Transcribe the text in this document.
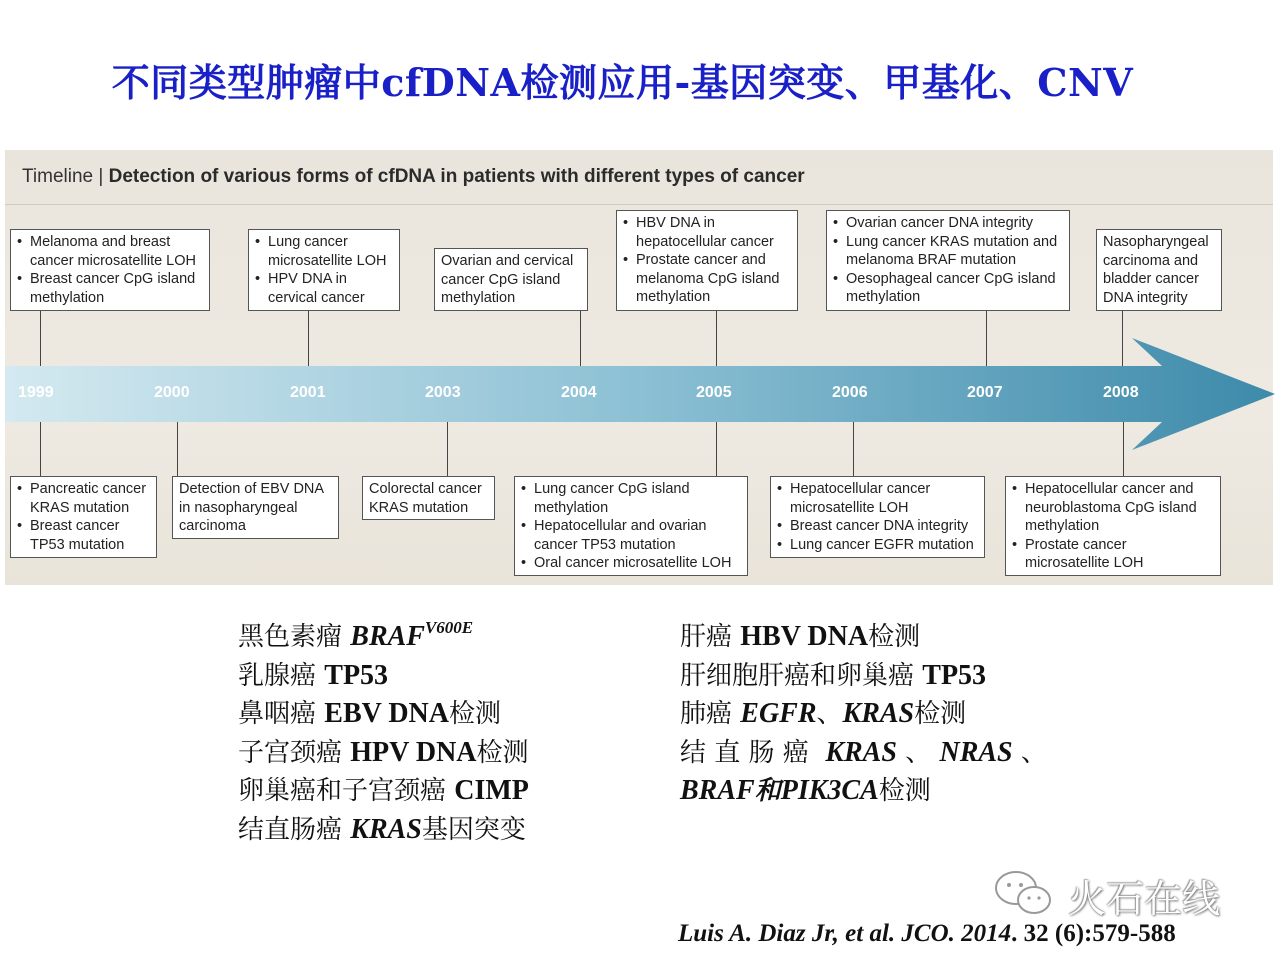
不同类型肿瘤中cfDNA检测应用-基因突变、甲基化、CNV
Timeline | Detection of various forms of cfDNA in patients with different types of cancer
1999	2000	2001	2003	2004	2005	2006	2007	2008
• Melanoma and breast cancer microsatellite LOH
• Breast cancer CpG island methylation
• Lung cancer microsatellite LOH
• HPV DNA in cervical cancer
Ovarian and cervical cancer CpG island methylation
• HBV DNA in hepatocellular cancer
• Prostate cancer and melanoma CpG island methylation
• Ovarian cancer DNA integrity
• Lung cancer KRAS mutation and melanoma BRAF mutation
• Oesophageal cancer CpG island methylation
Nasopharyngeal carcinoma and bladder cancer DNA integrity
• Pancreatic cancer KRAS mutation
• Breast cancer TP53 mutation
Detection of EBV DNA in nasopharyngeal carcinoma
Colorectal cancer KRAS mutation
• Lung cancer CpG island methylation
• Hepatocellular and ovarian cancer TP53 mutation
• Oral cancer microsatellite LOH
• Hepatocellular cancer microsatellite LOH
• Breast cancer DNA integrity
• Lung cancer EGFR mutation
• Hepatocellular cancer and neuroblastoma CpG island methylation
• Prostate cancer microsatellite LOH
黑色素瘤 $BRAF^{V600E}$
乳腺癌 TP53
鼻咽癌 EBV DNA检测
子宫颈癌 HPV DNA检测
卵巢癌和子宫颈癌 CIMP
结直肠癌 KRAS基因突变
肝癌 HBV DNA检测
肝细胞肝癌和卵巢癌 TP53
肺癌 EGFR、KRAS检测
结 直 肠 癌  KRAS 、 NRAS 、
BRAF和PIK3CA检测
火石在线
Luis A. Diaz Jr, et al. JCO. 2014. 32 (6):579-588
